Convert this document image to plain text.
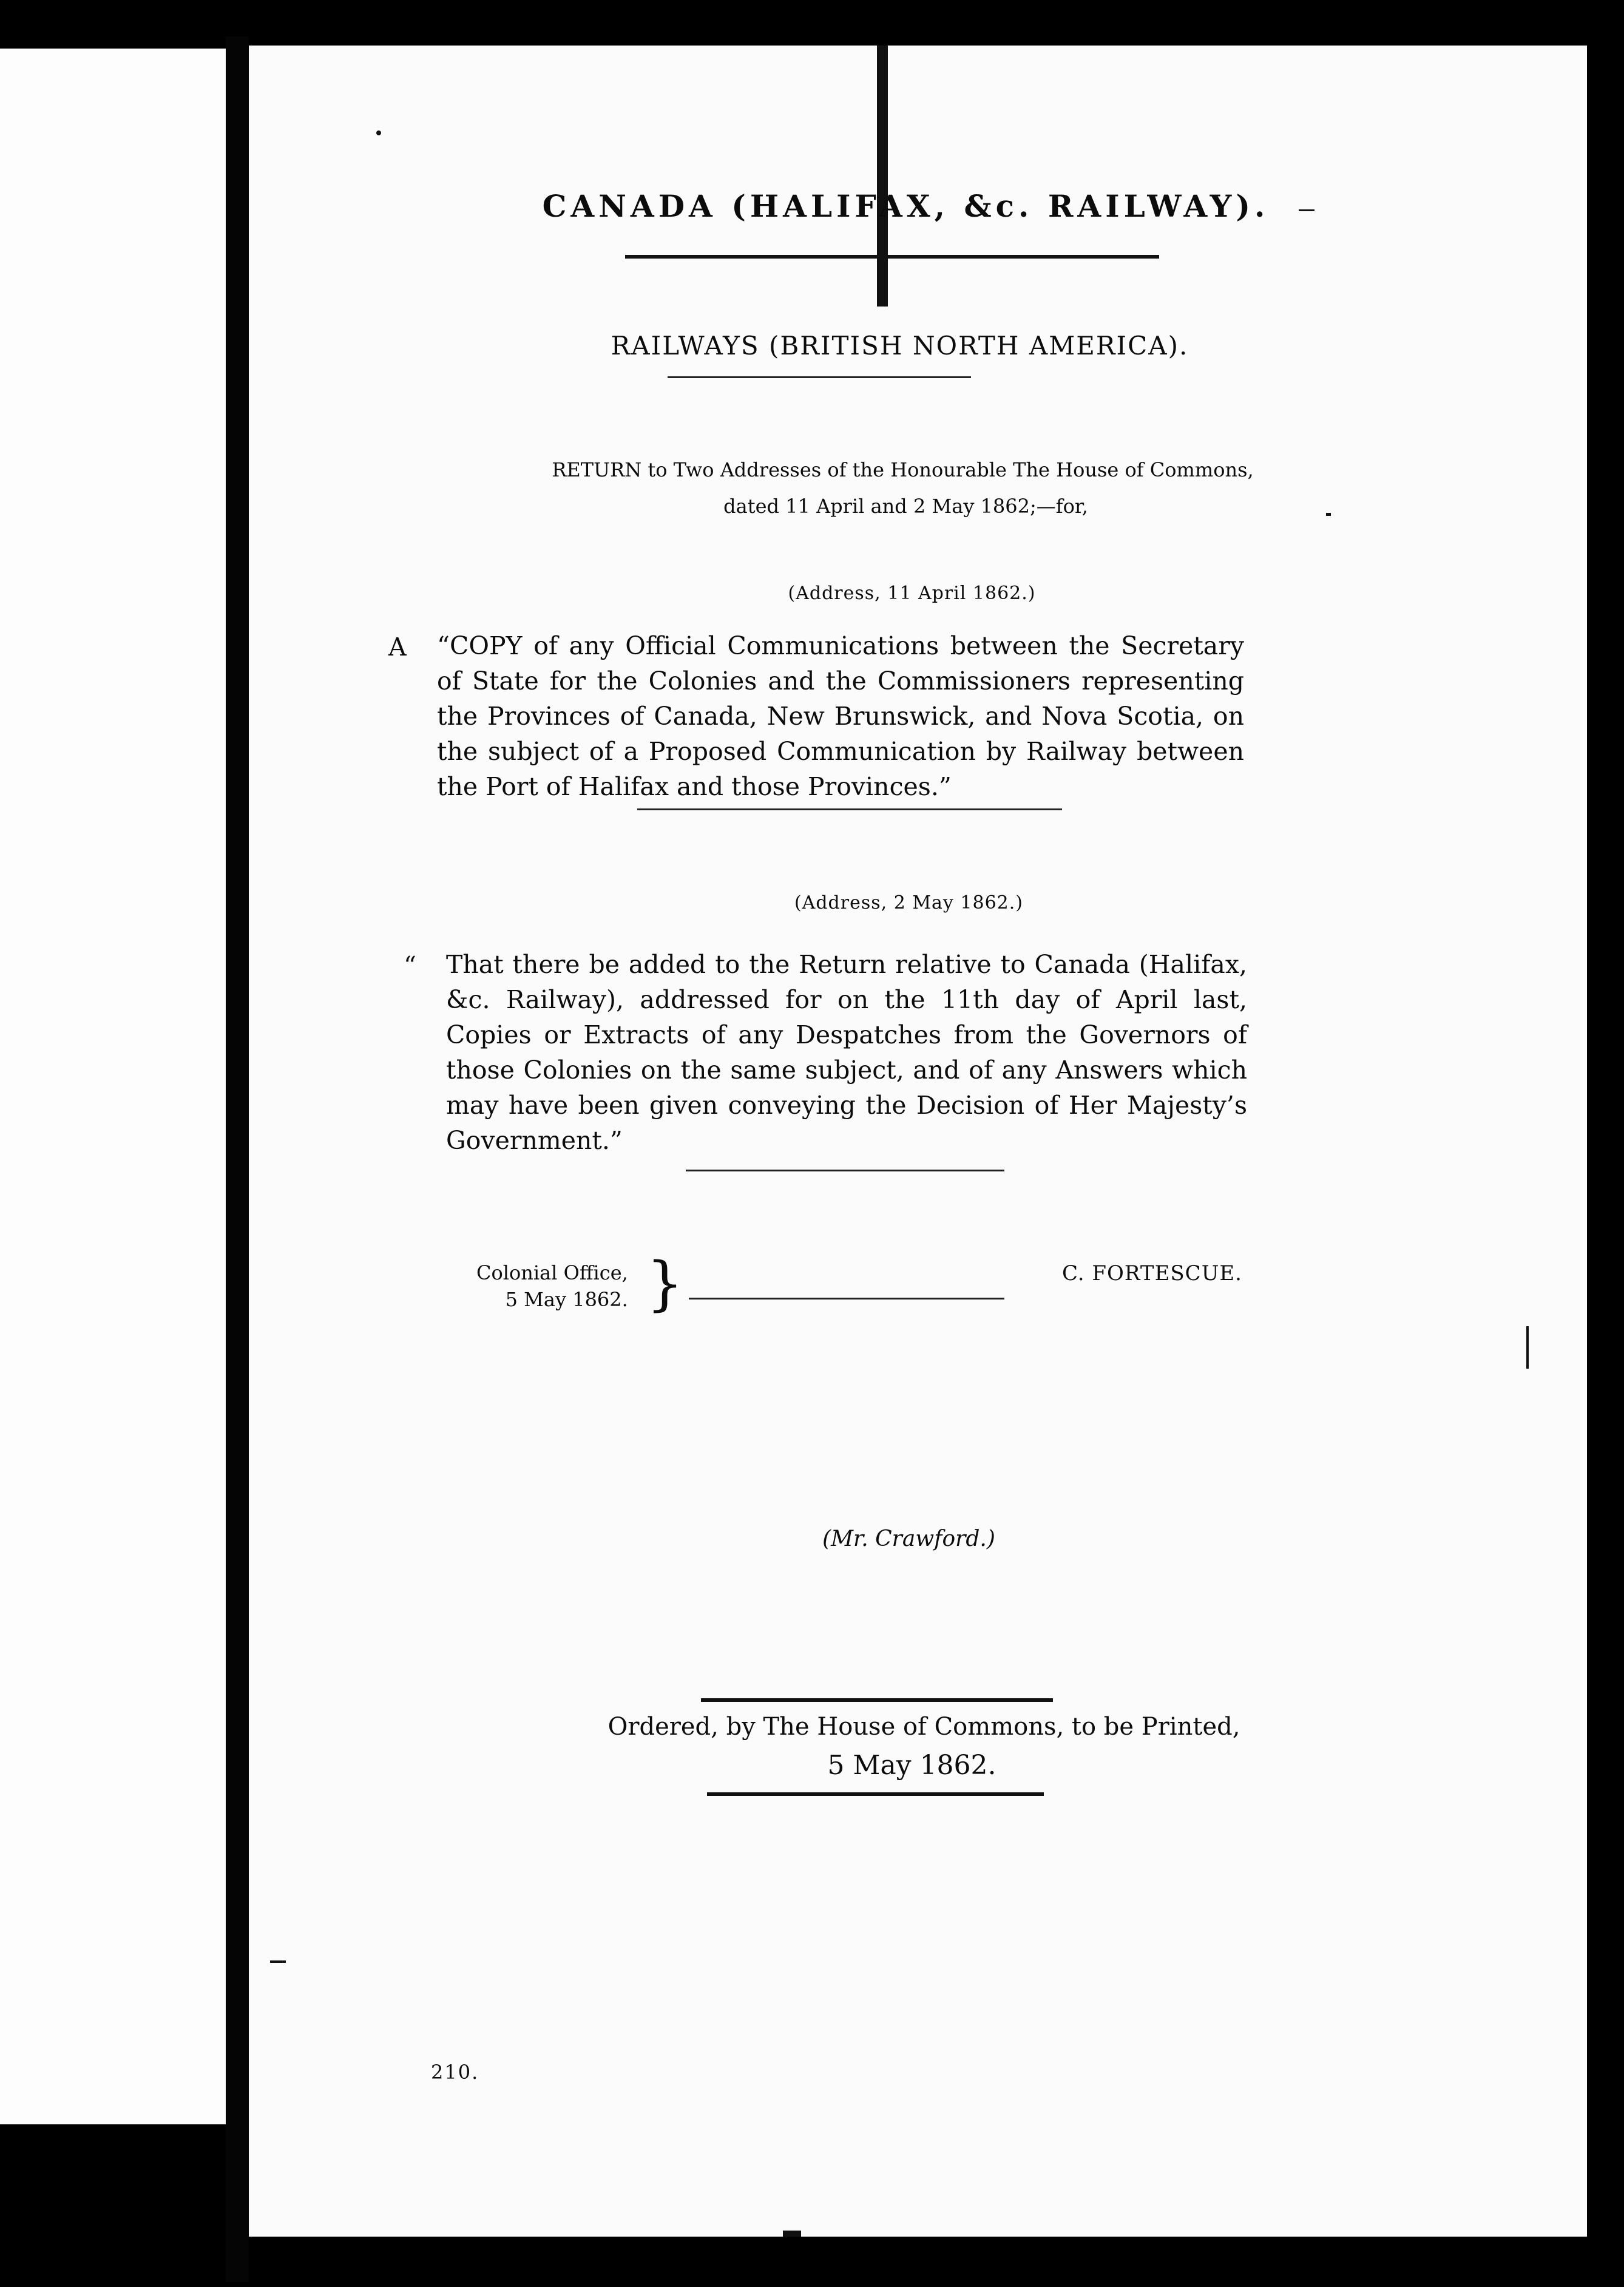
CANADA (HALIFAX, &c. RAILWAY).
RAILWAYS (BRITISH NORTH AMERICA).
RETURN to Two Addresses of the Honourable The House of Commons,
dated 11 April and 2 May 1862;—for,
(Address, 11 April 1862.)
A “COPY of any Official Communications between the Secretary of State for the Colonies and the Commissioners representing the Provinces of Canada, New Brunswick, and Nova Scotia, on the subject of a Proposed Communication by Railway between the Port of Halifax and those Provinces.”
(Address, 2 May 1862.)
“ That there be added to the Return relative to Canada (Halifax, &c. Railway), addressed for on the 11th day of April last, Copies or Extracts of any Despatches from the Governors of those Colonies on the same subject, and of any Answers which may have been given conveying the Decision of Her Majesty’s Government.”
Colonial Office,
5 May 1862. }	C. FORTESCUE.
(Mr. Crawford.)
Ordered, by The House of Commons, to be Printed,
5 May 1862.
210.
